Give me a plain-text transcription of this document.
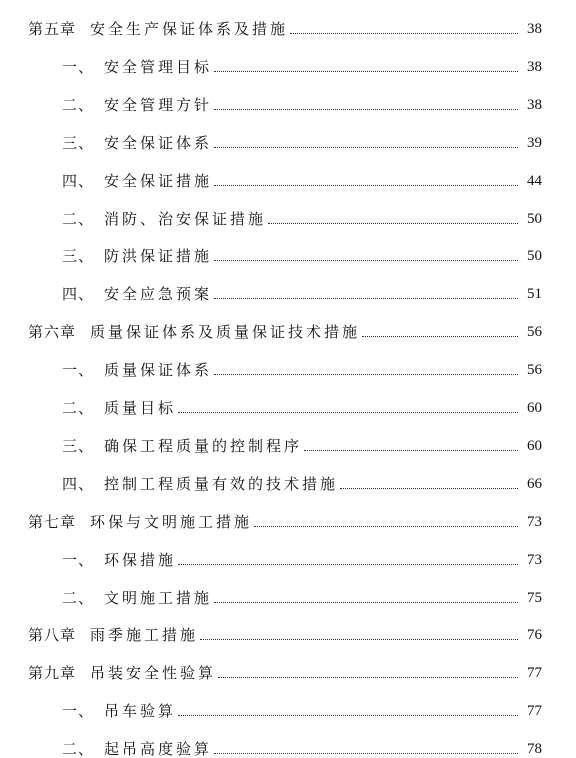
第五章 安全生产保证体系及措施	38
一、 安全管理目标	38
二、 安全管理方针	38
三、 安全保证体系	39
四、 安全保证措施	44
二、 消防、治安保证措施	50
三、 防洪保证措施	50
四、 安全应急预案	51
第六章 质量保证体系及质量保证技术措施	56
一、 质量保证体系	56
二、 质量目标	60
三、 确保工程质量的控制程序	60
四、 控制工程质量有效的技术措施	66
第七章 环保与文明施工措施	73
一、 环保措施	73
二、 文明施工措施	75
第八章 雨季施工措施	76
第九章 吊装安全性验算	77
一、 吊车验算	77
二、 起吊高度验算	78
